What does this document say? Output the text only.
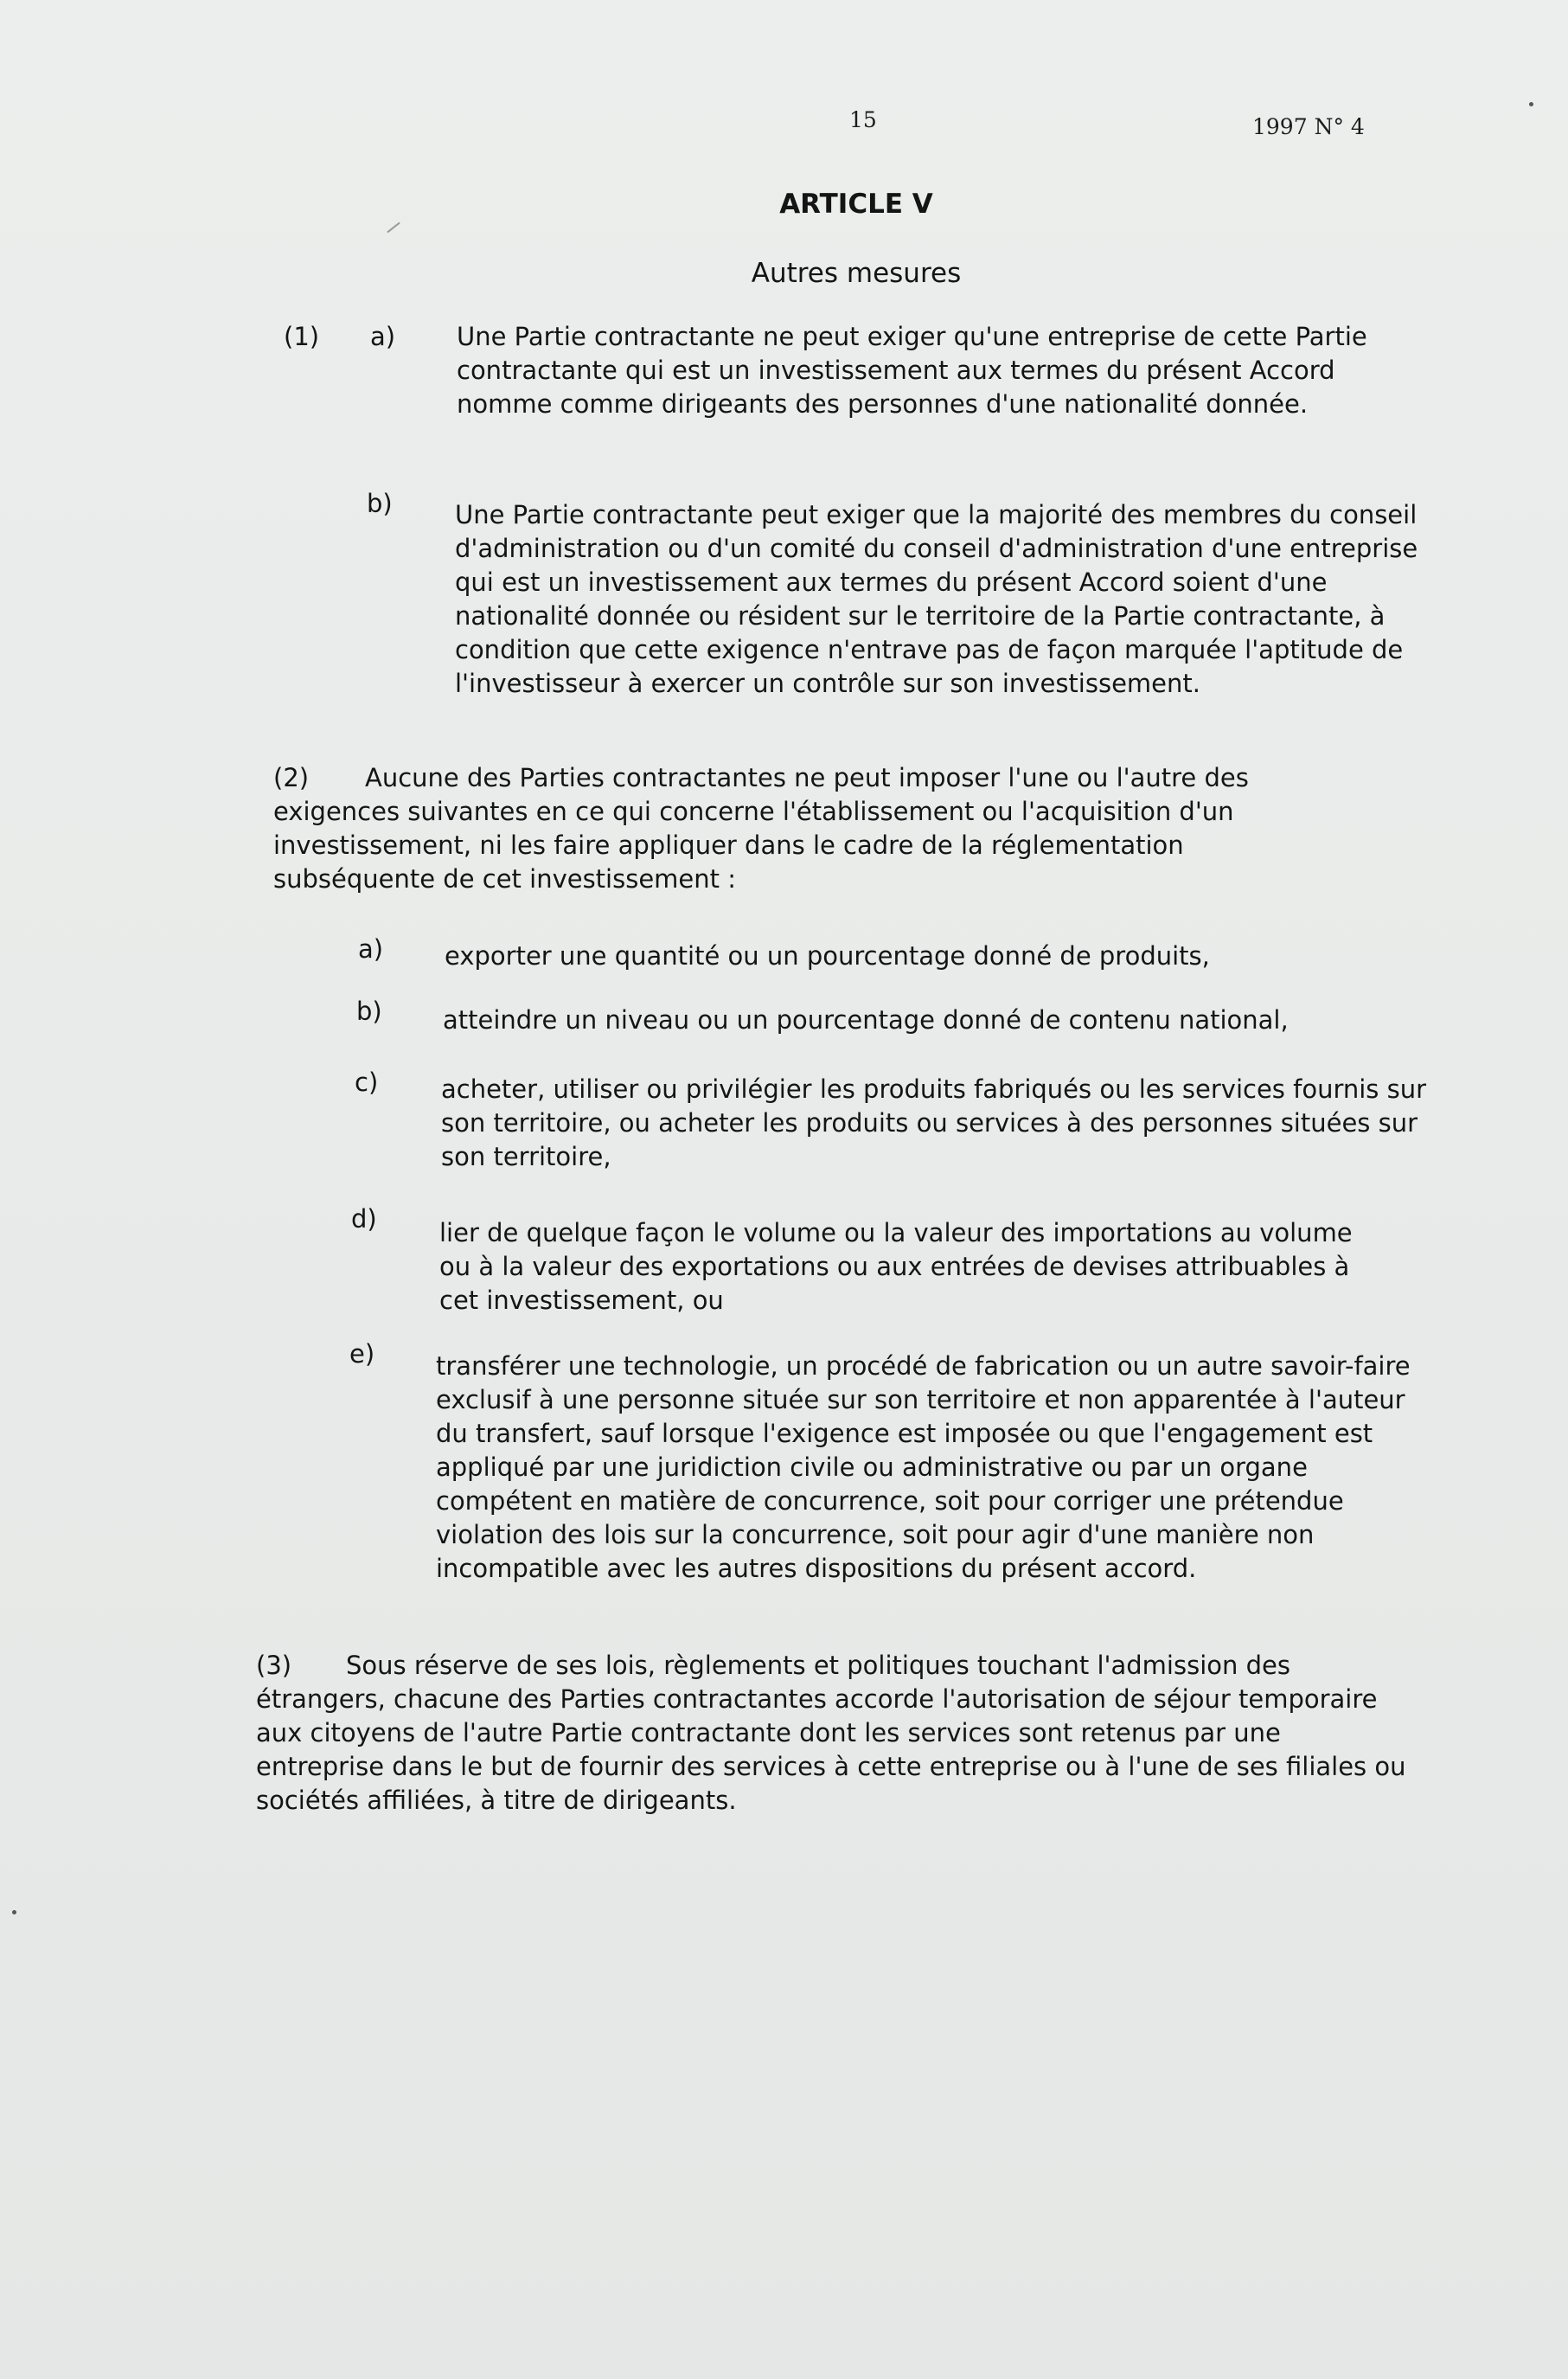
15	1997 N° 4
ARTICLE V
Autres mesures
(1) a) Une Partie contractante ne peut exiger qu'une entreprise de cette Partie contractante qui est un investissement aux termes du présent Accord nomme comme dirigeants des personnes d'une nationalité donnée.
b) Une Partie contractante peut exiger que la majorité des membres du conseil d'administration ou d'un comité du conseil d'administration d'une entreprise qui est un investissement aux termes du présent Accord soient d'une nationalité donnée ou résident sur le territoire de la Partie contractante, à condition que cette exigence n'entrave pas de façon marquée l'aptitude de l'investisseur à exercer un contrôle sur son investissement.
(2)	Aucune des Parties contractantes ne peut imposer l'une ou l'autre des exigences suivantes en ce qui concerne l'établissement ou l'acquisition d'un investissement, ni les faire appliquer dans le cadre de la réglementation subséquente de cet investissement :
a) exporter une quantité ou un pourcentage donné de produits,
b) atteindre un niveau ou un pourcentage donné de contenu national,
c)	acheter, utiliser ou privilégier les produits fabriqués ou les services fournis sur son territoire, ou acheter les produits ou services à des personnes situées sur son territoire,
d) lier de quelque façon le volume ou la valeur des importations au volume ou à la valeur des exportations ou aux entrées de devises attribuables à cet investissement, ou
e) transférer une technologie, un procédé de fabrication ou un autre savoir-faire exclusif à une personne située sur son territoire et non apparentée à l'auteur du transfert, sauf lorsque l'exigence est imposée ou que l'engagement est appliqué par une juridiction civile ou administrative ou par un organe compétent en matière de concurrence, soit pour corriger une prétendue violation des lois sur la concurrence, soit pour agir d'une manière non incompatible avec les autres dispositions du présent accord.
(3)	Sous réserve de ses lois, règlements et politiques touchant l'admission des étrangers, chacune des Parties contractantes accorde l'autorisation de séjour temporaire aux citoyens de l'autre Partie contractante dont les services sont retenus par une entreprise dans le but de fournir des services à cette entreprise ou à l'une de ses filiales ou sociétés affiliées, à titre de dirigeants.
